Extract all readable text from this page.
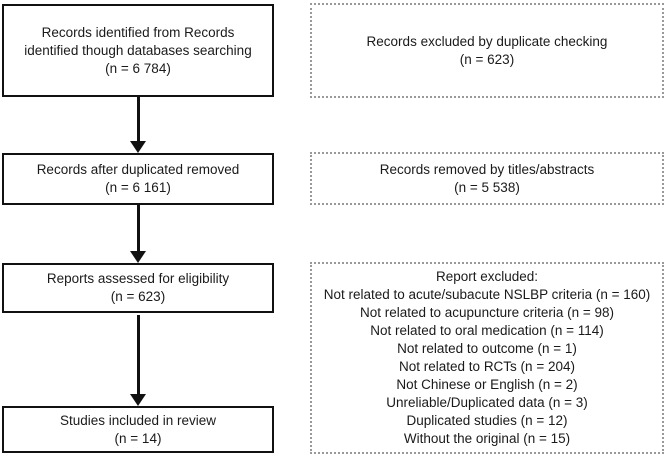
Records identified from Records
identified though databases searching
(n = 6 784)
Records after duplicated removed
(n = 6 161)
Reports assessed for eligibility
(n = 623)
Studies included in review
(n = 14)
Records excluded by duplicate checking
(n = 623)
Records removed by titles/abstracts
(n = 5 538)
Report excluded:
Not related to acute/subacute NSLBP criteria (n = 160)
Not related to acupuncture criteria (n = 98)
Not related to oral medication (n = 114)
Not related to outcome (n = 1)
Not related to RCTs (n = 204)
Not Chinese or English (n = 2)
Unreliable/Duplicated data (n = 3)
Duplicated studies (n = 12)
Without the original (n = 15)
